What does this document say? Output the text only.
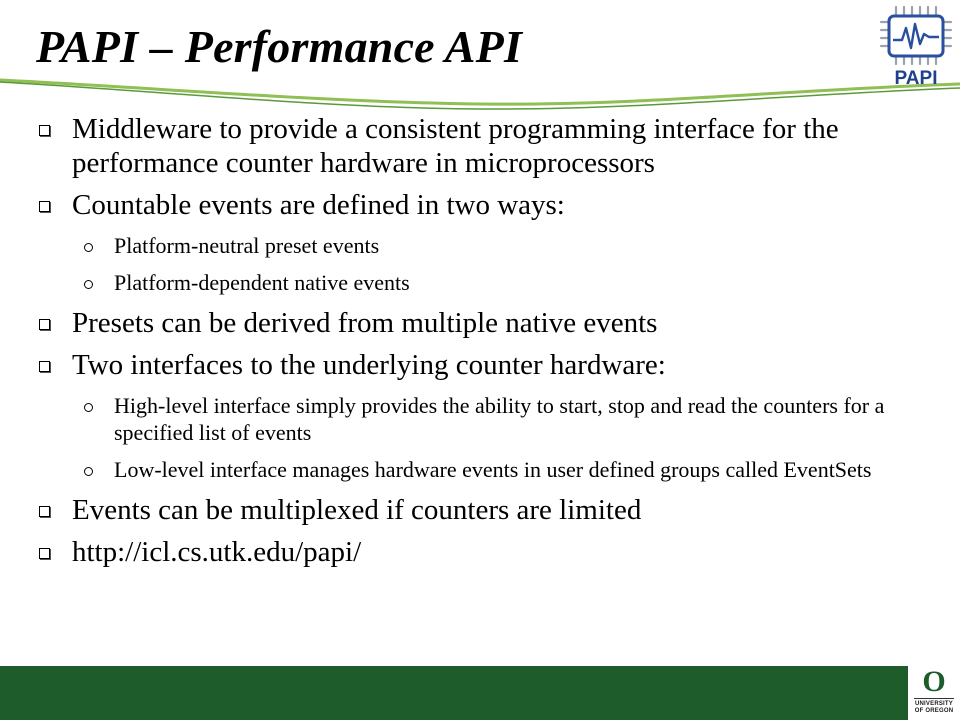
PAPI – Performance API
PAPI
Middleware to provide a consistent programming interface for the performance counter hardware in microprocessors
Countable events are defined in two ways:
Platform-neutral preset events
Platform-dependent native events
Presets can be derived from multiple native events
Two interfaces to the underlying counter hardware:
High-level interface simply provides the ability to start, stop and read the counters for a specified list of events
Low-level interface manages hardware events in user defined groups called EventSets
Events can be multiplexed if counters are limited
http://icl.cs.utk.edu/papi/
O
UNIVERSITY
OF OREGON
